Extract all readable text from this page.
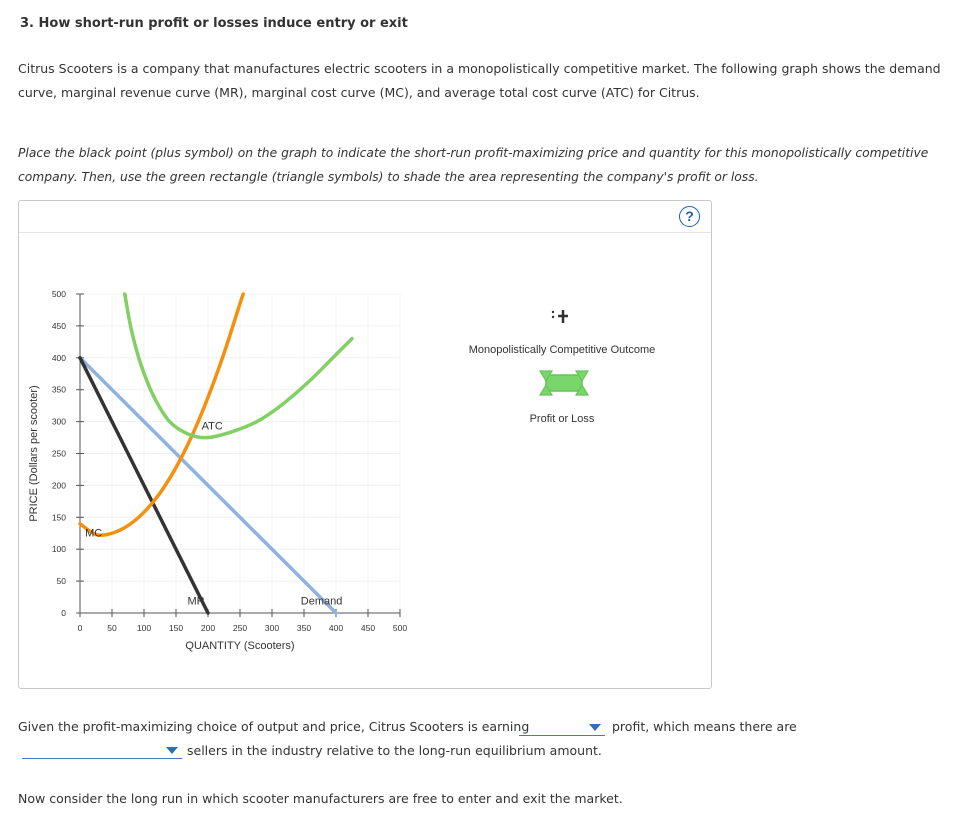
3. How short-run profit or losses induce entry or exit
Citrus Scooters is a company that manufactures electric scooters in a monopolistically competitive market. The following graph shows the demand curve, marginal revenue curve (MR), marginal cost curve (MC), and average total cost curve (ATC) for Citrus.
Place the black point (plus symbol) on the graph to indicate the short-run profit-maximizing price and quantity for this monopolistically competitive company. Then, use the green rectangle (triangle symbols) to shade the area representing the company's profit or loss.
?
0
50
100
150
200
250
300
350
400
450
500
0	50 100 150 200 250 300 350 400 450 500
QUANTITY (Scooters)
PRICE (Dollars per scooter)	ATC
MC
MR	Demand
Monopolistically Competitive Outcome
Profit or Loss
Given the profit-maximizing choice of output and price, Citrus Scooters is earning	profit, which means there are
sellers in the industry relative to the long-run equilibrium amount.
Now consider the long run in which scooter manufacturers are free to enter and exit the market.
